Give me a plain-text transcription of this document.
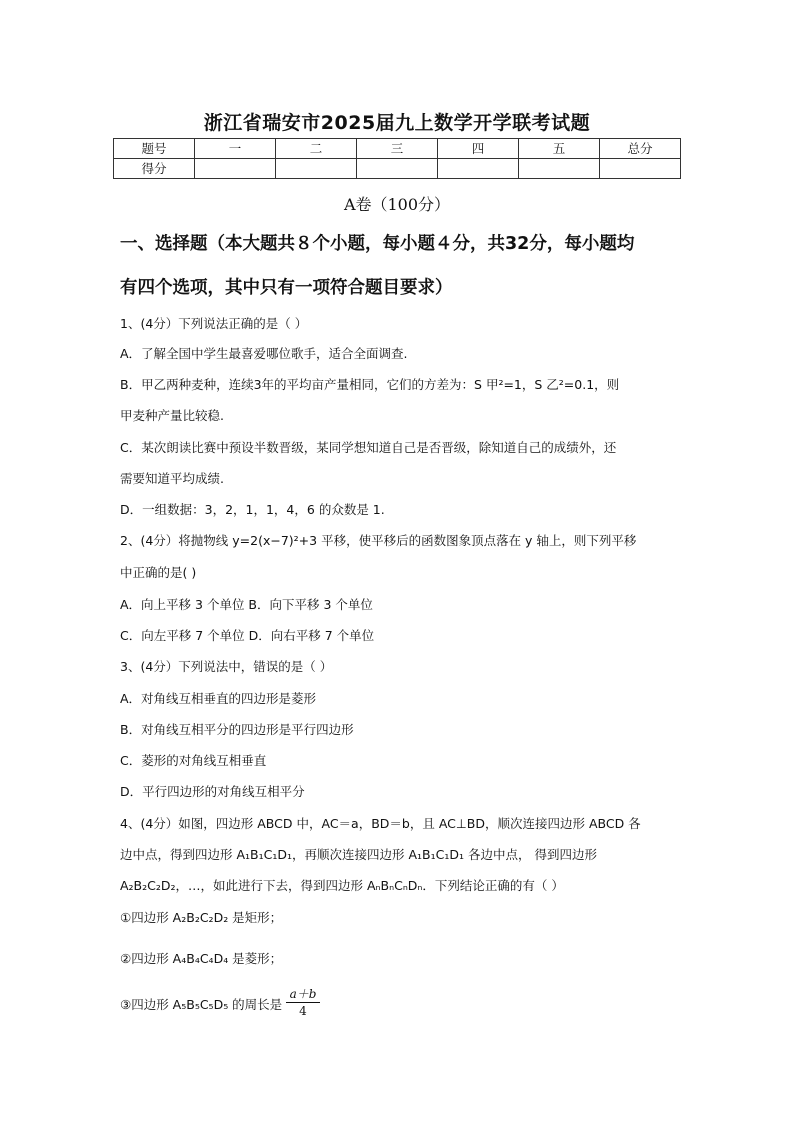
浙江省瑞安市2025届九上数学开学联考试题
题号	一	二	三	四	五	总分
得分						
A卷（100分）
一、选择题（本大题共８个小题，每小题４分，共32分，每小题均
有四个选项，其中只有一项符合题目要求）
1、(4分）下列说法正确的是（ ）
A．了解全国中学生最喜爱哪位歌手，适合全面调查.
B．甲乙两种麦种，连续3年的平均亩产量相同，它们的方差为：S 甲²=1，S 乙²=0.1，则
甲麦种产量比较稳.
C．某次朗读比赛中预设半数晋级，某同学想知道自己是否晋级，除知道自己的成绩外，还
需要知道平均成绩.
D．一组数据：3，2，1，1，4，6 的众数是 1.
2、(4分）将抛物线 y=2(x−7)²+3 平移，使平移后的函数图象顶点落在 y 轴上，则下列平移
中正确的是( )
A．向上平移 3 个单位 B．向下平移 3 个单位
C．向左平移 7 个单位 D．向右平移 7 个单位
3、(4分）下列说法中，错误的是（ ）
A．对角线互相垂直的四边形是菱形
B．对角线互相平分的四边形是平行四边形
C．菱形的对角线互相垂直
D．平行四边形的对角线互相平分
4、(4分）如图，四边形 ABCD 中，AC＝a，BD＝b，且 AC⊥BD，顺次连接四边形 ABCD 各
边中点，得到四边形 A₁B₁C₁D₁，再顺次连接四边形 A₁B₁C₁D₁ 各边中点， 得到四边形
A₂B₂C₂D₂，…，如此进行下去，得到四边形 AₙBₙCₙDₙ．下列结论正确的有（ ）
①四边形 A₂B₂C₂D₂ 是矩形；
②四边形 A₄B₄C₄D₄ 是菱形；
③四边形 A₅B₅C₅D₅ 的周长是 $\frac{a+b}{4}$
